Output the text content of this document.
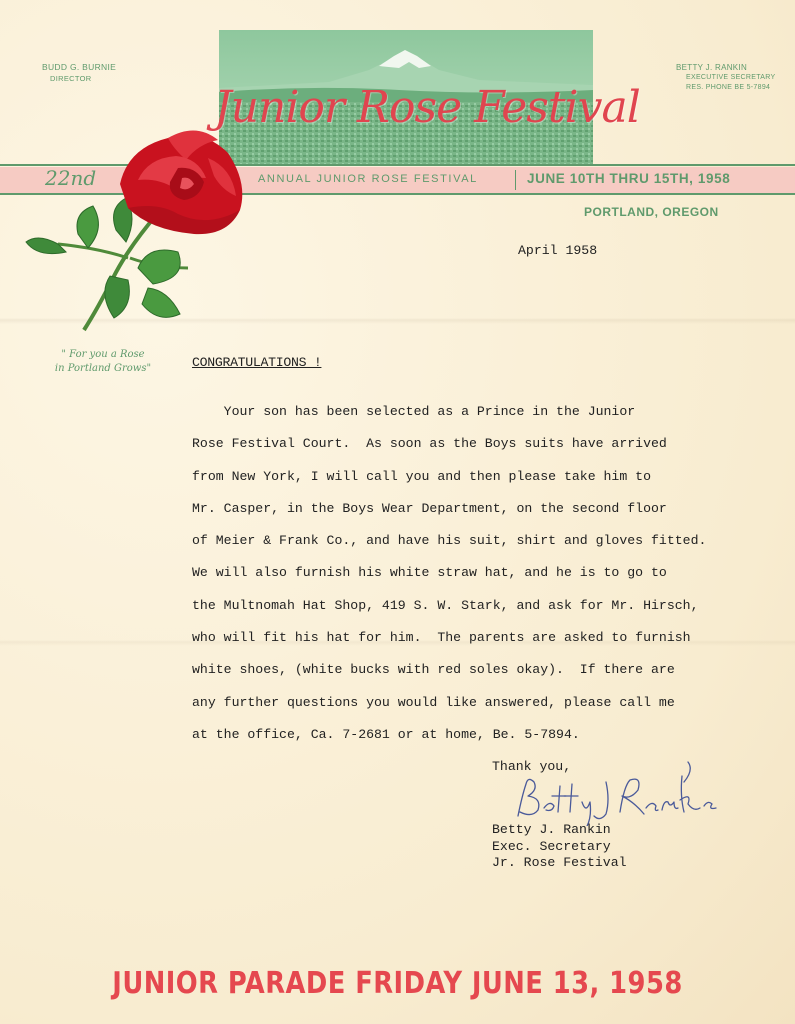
BUDD G. BURNIE
DIRECTOR
BETTY J. RANKIN
EXECUTIVE SECRETARY
RES. PHONE BE 5-7894
Junior Rose Festival
22nd	ANNUAL JUNIOR ROSE FESTIVAL	JUNE 10TH THRU 15TH, 1958
PORTLAND, OREGON
" For you a Rose
in Portland Grows"
April 1958
CONGRATULATIONS !
Your son has been selected as a Prince in the Junior
Rose Festival Court.  As soon as the Boys suits have arrived
from New York, I will call you and then please take him to
Mr. Casper, in the Boys Wear Department, on the second floor
of Meier & Frank Co., and have his suit, shirt and gloves fitted.
We will also furnish his white straw hat, and he is to go to
the Multnomah Hat Shop, 419 S. W. Stark, and ask for Mr. Hirsch,
who will fit his hat for him.  The parents are asked to furnish
white shoes, (white bucks with red soles okay).  If there are
any further questions you would like answered, please call me
at the office, Ca. 7-2681 or at home, Be. 5-7894.
Thank you,
Betty J. Rankin
Exec. Secretary
Jr. Rose Festival
JUNIOR PARADE FRIDAY JUNE 13, 1958
